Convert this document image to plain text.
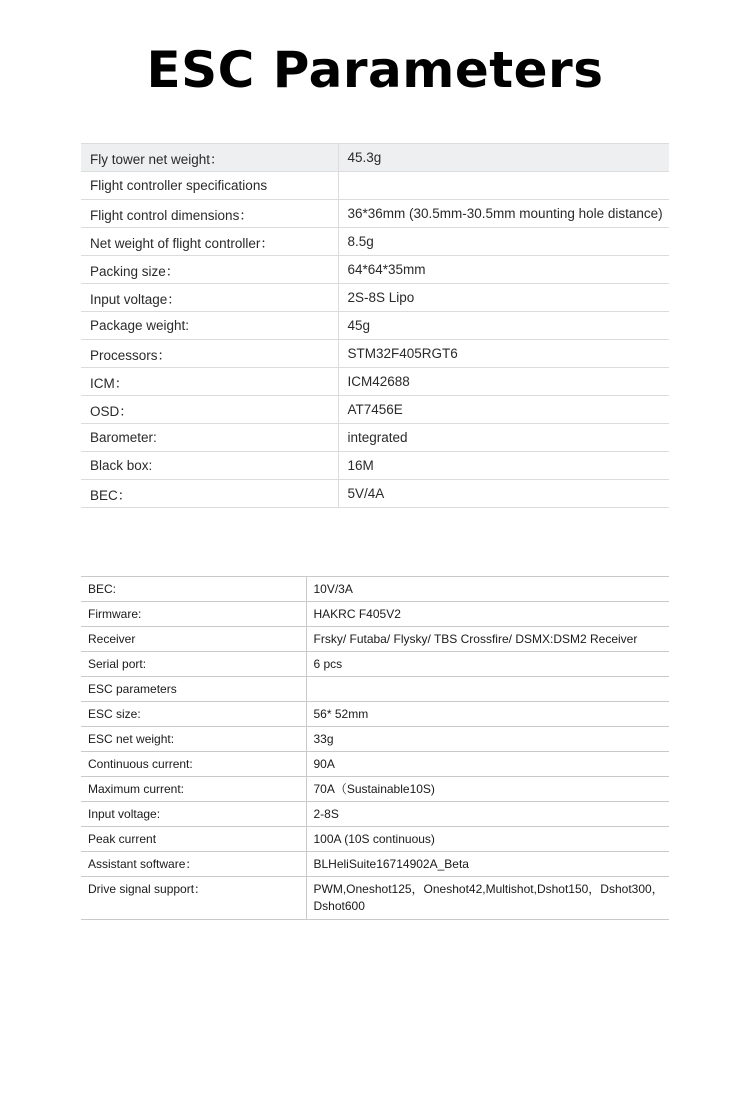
ESC Parameters
Fly tower net weight：	45.3g
Flight controller specifications	
Flight control dimensions：	36*36mm (30.5mm-30.5mm mounting hole distance)
Net weight of flight controller：	8.5g
Packing size：	64*64*35mm
Input voltage：	2S-8S Lipo
Package weight:	45g
Processors：	STM32F405RGT6
ICM：	ICM42688
OSD：	AT7456E
Barometer:	integrated
Black box:	16M
BEC：	5V/4A
BEC:	10V/3A
Firmware:	HAKRC F405V2
Receiver	Frsky/ Futaba/ Flysky/ TBS Crossfire/ DSMX:DSM2 Receiver
Serial port:	6 pcs
ESC parameters	
ESC size:	56* 52mm
ESC net weight:	33g
Continuous current:	90A
Maximum current:	70A（Sustainable10S)
Input voltage:	2-8S
Peak current	100A (10S continuous)
Assistant software：	BLHeliSuite16714902A_Beta
Drive signal support：	PWM,Oneshot125，Oneshot42,Multishot,Dshot150，Dshot300，Dshot600
